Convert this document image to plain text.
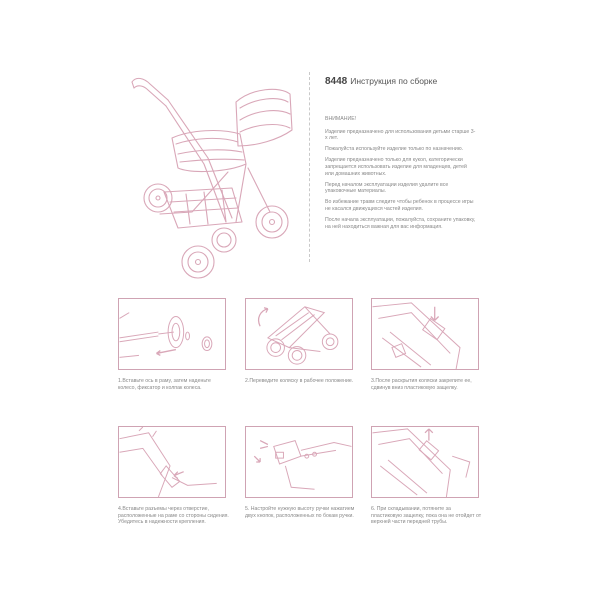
8448 Инструкция по сборке
ВНИМАНИЕ!

Изделие предназначено для использования детьми старше 3-х лет.

Пожалуйста используйте изделие только по назначению.

Изделие предназначено только для кукол, категорически запрещается использовать изделие для младенцев, детей или домашних животных.

Перед началом эксплуатации изделия удалите все упаковочные материалы.

Во избежание травм следите чтобы ребенок в процессе игры не касался движущихся частей изделия.

После начала эксплуатации, пожалуйста, сохраните упаковку, на ней находиться важная для вас информация.

1.Вставьте ось в раму, затем наденьте колесо, фиксатор и колпак колеса.
2.Переведите коляску в рабочее положение.	3.После раскрытия коляски закрепите ее, сдвинув вниз пластиковую защелку.
4.Вставьте разъемы через отверстие, расположенные на раме со стороны сидения. Убедитесь в надежности крепления.
5. Настройте нужную высоту ручки нажатием двух кнопок, расположенных по бокам ручки.
6. При складывании, потяните за пластиковую защелку, пока она не отойдет от верхней части передней трубы.
